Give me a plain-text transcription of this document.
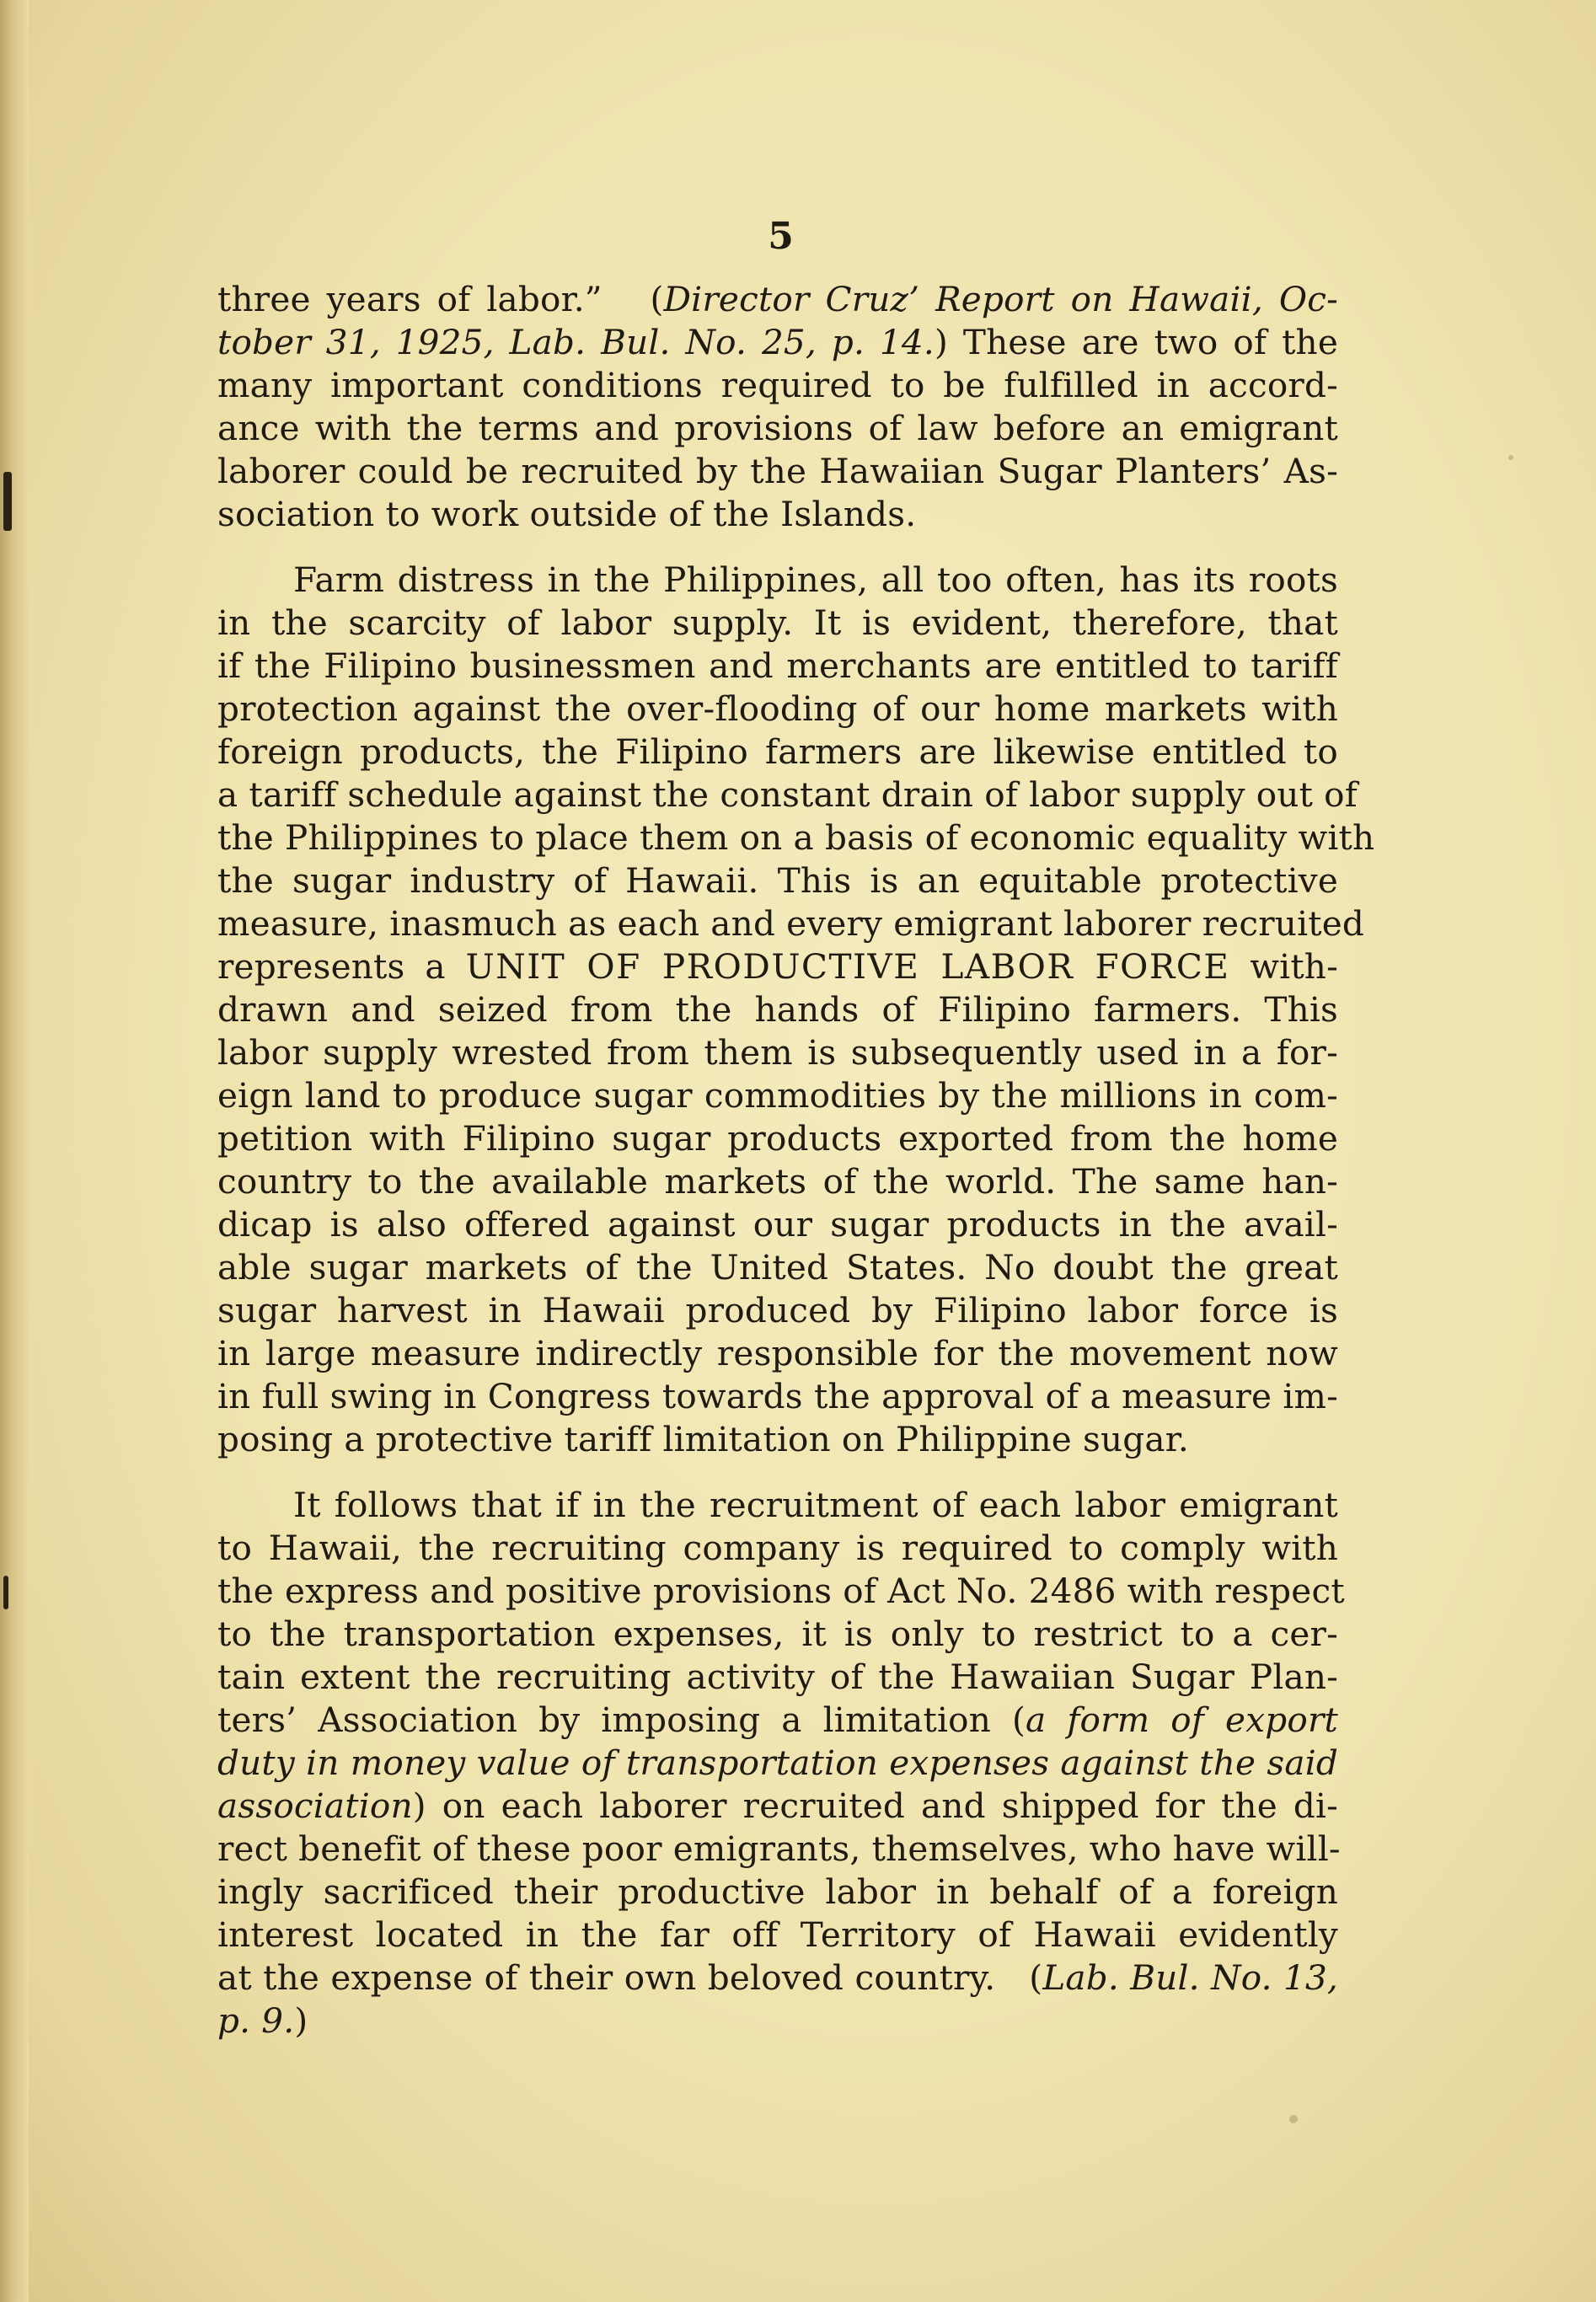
5
three years of labor.”   (Director Cruz’ Report on Hawaii, Oc-
tober 31, 1925, Lab. Bul. No. 25, p. 14.) These are two of the
many important conditions required to be fulfilled in accord-
ance with the terms and provisions of law before an emigrant
laborer could be recruited by the Hawaiian Sugar Planters’ As-
sociation to work outside of the Islands.
Farm distress in the Philippines, all too often, has its roots
in the scarcity of labor supply. It is evident, therefore, that
if the Filipino businessmen and merchants are entitled to tariff
protection against the over-flooding of our home markets with
foreign products, the Filipino farmers are likewise entitled to
a tariff schedule against the constant drain of labor supply out of
the Philippines to place them on a basis of economic equality with
the sugar industry of Hawaii. This is an equitable protective
measure, inasmuch as each and every emigrant laborer recruited
represents a UNIT OF PRODUCTIVE LABOR FORCE with-
drawn and seized from the hands of Filipino farmers. This
labor supply wrested from them is subsequently used in a for-
eign land to produce sugar commodities by the millions in com-
petition with Filipino sugar products exported from the home
country to the available markets of the world. The same han-
dicap is also offered against our sugar products in the avail-
able sugar markets of the United States. No doubt the great
sugar harvest in Hawaii produced by Filipino labor force is
in large measure indirectly responsible for the movement now
in full swing in Congress towards the approval of a measure im-
posing a protective tariff limitation on Philippine sugar.
It follows that if in the recruitment of each labor emigrant
to Hawaii, the recruiting company is required to comply with
the express and positive provisions of Act No. 2486 with respect
to the transportation expenses, it is only to restrict to a cer-
tain extent the recruiting activity of the Hawaiian Sugar Plan-
ters’ Association by imposing a limitation (a form of export
duty in money value of transportation expenses against the said
association) on each laborer recruited and shipped for the di-
rect benefit of these poor emigrants, themselves, who have will-
ingly sacrificed their productive labor in behalf of a foreign
interest located in the far off Territory of Hawaii evidently
at the expense of their own beloved country.   (Lab. Bul. No. 13,
p. 9.)
